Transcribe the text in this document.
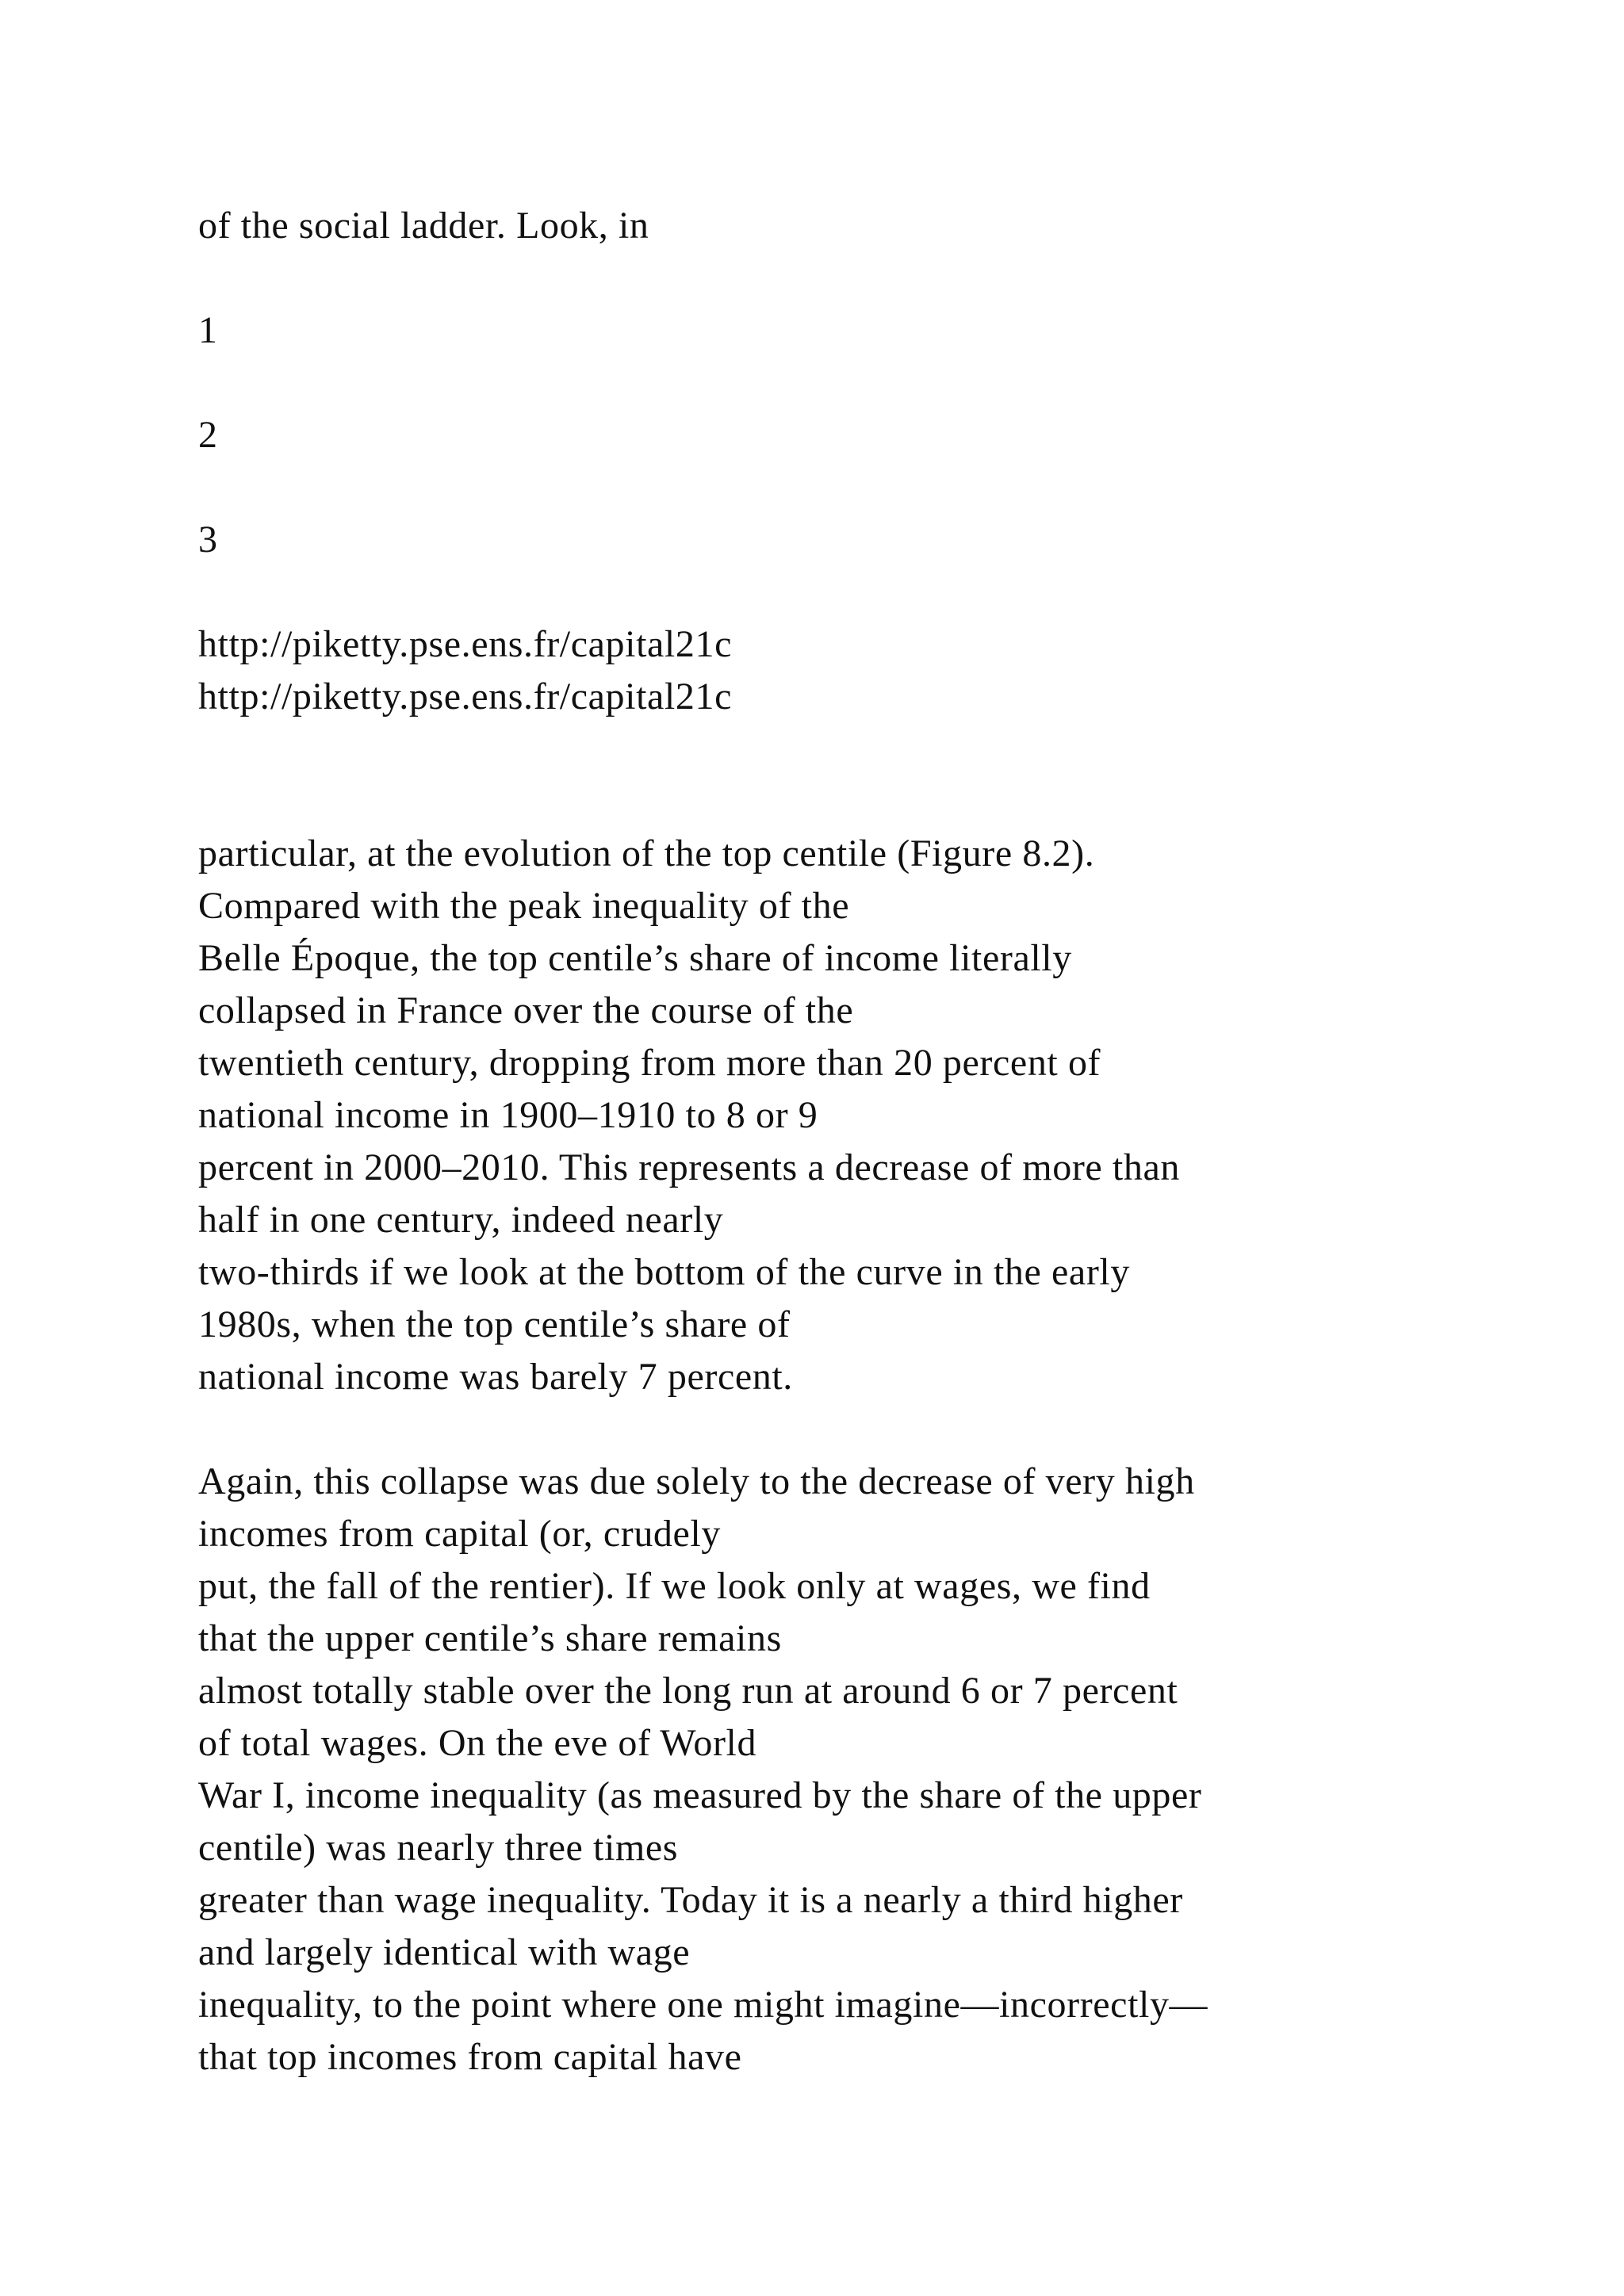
of the social ladder. Look, in

1

2

3

http://piketty.pse.ens.fr/capital21c

http://piketty.pse.ens.fr/capital21c

particular, at the evolution of the top centile (Figure 8.2).

Compared with the peak inequality of the

Belle Époque, the top centile’s share of income literally

collapsed in France over the course of the

twentieth century, dropping from more than 20 percent of

national income in 1900–1910 to 8 or 9

percent in 2000–2010. This represents a decrease of more than

half in one century, indeed nearly

two-thirds if we look at the bottom of the curve in the early

1980s, when the top centile’s share of

national income was barely 7 percent.

Again, this collapse was due solely to the decrease of very high

incomes from capital (or, crudely

put, the fall of the rentier). If we look only at wages, we find

that the upper centile’s share remains

almost totally stable over the long run at around 6 or 7 percent

of total wages. On the eve of World

War I, income inequality (as measured by the share of the upper

centile) was nearly three times

greater than wage inequality. Today it is a nearly a third higher

and largely identical with wage

inequality, to the point where one might imagine—incorrectly—

that top incomes from capital have
